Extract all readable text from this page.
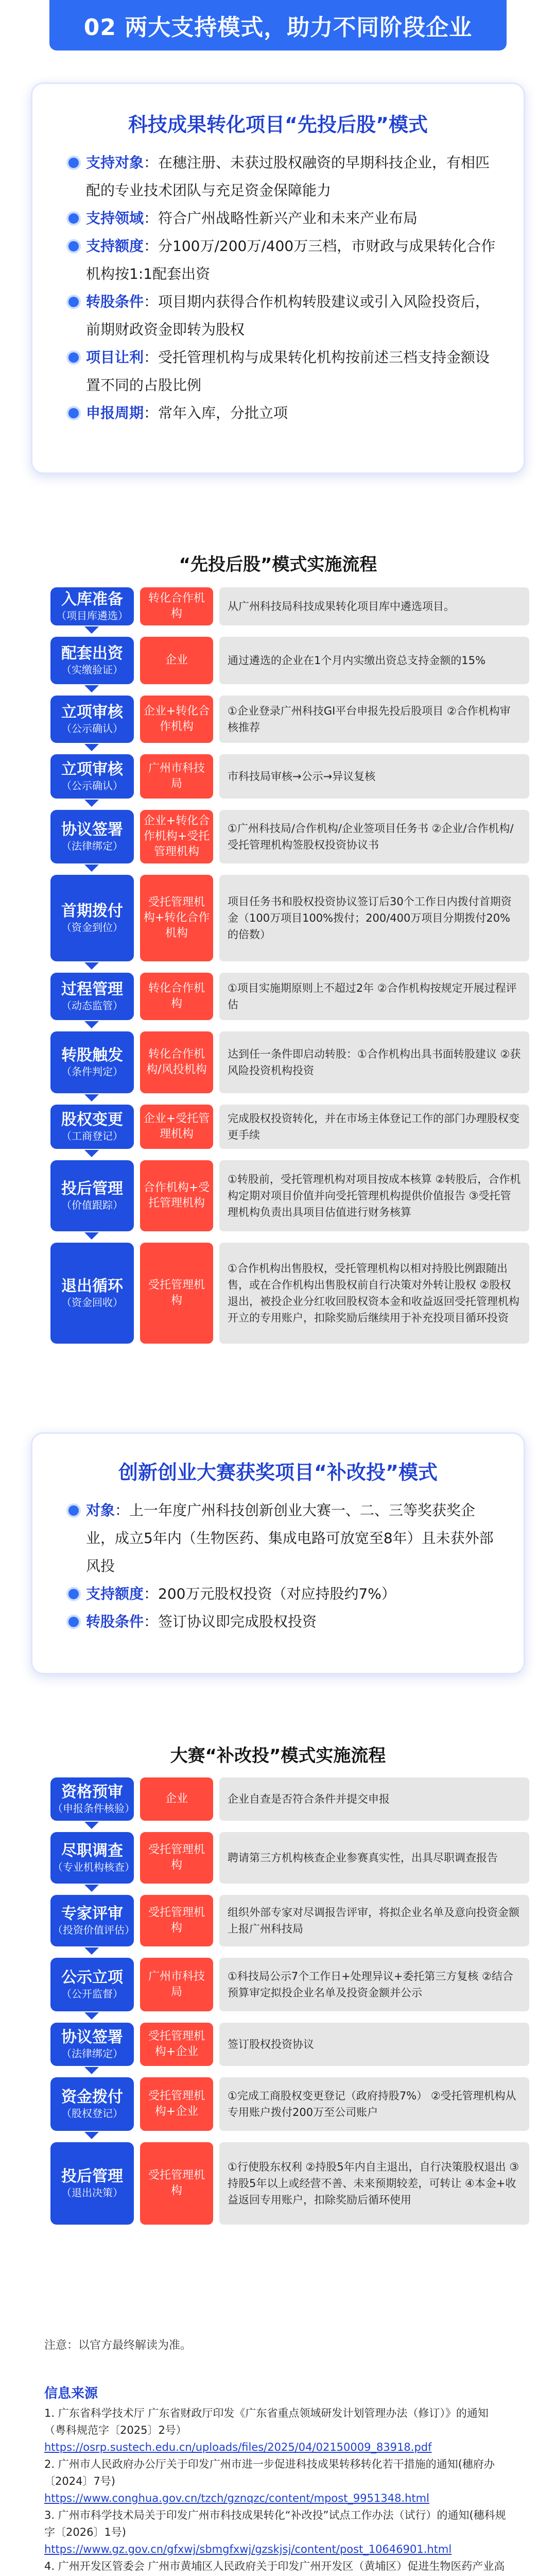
02 两大支持模式，助力不同阶段企业
科技成果转化项目“先投后股”模式
支持对象：在穗注册、未获过股权融资的早期科技企业，有相匹配的专业技术团队与充足资金保障能力
支持领域：符合广州战略性新兴产业和未来产业布局
支持额度：分100万/200万/400万三档，市财政与成果转化合作机构按1:1配套出资
转股条件：项目期内获得合作机构转股建议或引入风险投资后，前期财政资金即转为股权
项目让利：受托管理机构与成果转化机构按前述三档支持金额设置不同的占股比例
申报周期：常年入库，分批立项
“先投后股”模式实施流程
入库准备
（项目库遴选）
转化合作机构
从广州科技局科技成果转化项目库中遴选项目。
配套出资
（实缴验证）
企业	通过遴选的企业在1个月内实缴出资总支持金额的15%
立项审核
（公示确认）
企业+转化合作机构
①企业登录广州科技GI平台申报先投后股项目 ②合作机构审核推荐
立项审核
（公示确认）
广州市科技局
市科技局审核→公示→异议复核
协议签署
（法律绑定）
企业+转化合作机构+受托管理机构
①广州科技局/合作机构/企业签项目任务书 ②企业/合作机构/受托管理机构签股权投资协议书
首期拨付
（资金到位）
受托管理机构+转化合作机构
项目任务书和股权投资协议签订后30个工作日内拨付首期资金（100万项目100%拨付；200/400万项目分期拨付20%的倍数）
过程管理
（动态监管）
转化合作机构
①项目实施期原则上不超过2年 ②合作机构按规定开展过程评估
转股触发
（条件判定）
转化合作机构/风投机构
达到任一条件即启动转股：①合作机构出具书面转股建议 ②获风险投资机构投资
股权变更
（工商登记）
企业+受托管理机构
完成股权投资转化，并在市场主体登记工作的部门办理股权变更手续
投后管理
（价值跟踪）
合作机构+受托管理机构
①转股前，受托管理机构对项目按成本核算 ②转股后，合作机构定期对项目价值并向受托管理机构提供价值报告 ③受托管理机构负责出具项目估值进行财务核算
退出循环
（资金回收）
受托管理机构
①合作机构出售股权，受托管理机构以相对持股比例跟随出售，或在合作机构出售股权前自行决策对外转让股权 ②股权退出，被投企业分红收回股权资本金和收益返回受托管理机构开立的专用账户，扣除奖励后继续用于补充投项目循环投资
创新创业大赛获奖项目“补改投”模式
对象：上一年度广州科技创新创业大赛一、二、三等奖获奖企业，成立5年内（生物医药、集成电路可放宽至8年）且未获外部风投
支持额度：200万元股权投资（对应持股约7%）
转股条件：签订协议即完成股权投资
大赛“补改投”模式实施流程
资格预审
（申报条件核验）
企业	企业自查是否符合条件并提交申报
尽职调查
（专业机构核查）
受托管理机构
聘请第三方机构核查企业参赛真实性，出具尽职调查报告
专家评审
（投资价值评估）
受托管理机构
组织外部专家对尽调报告评审，将拟企业名单及意向投资金额上报广州科技局
公示立项
（公开监督）
广州市科技局
①科技局公示7个工作日+处理异议+委托第三方复核 ②结合预算审定拟投企业名单及投资金额并公示
协议签署
（法律绑定）
受托管理机构+企业
签订股权投资协议
资金拨付
（股权登记）
受托管理机构+企业
①完成工商股权变更登记（政府持股7%） ②受托管理机构从专用账户拨付200万至公司账户
投后管理
（退出决策）
受托管理机构
①行使股东权利 ②持股5年内自主退出，自行决策股权退出 ③持股5年以上或经营不善、未来预期较差，可转让 ④本金+收益返回专用账户，扣除奖励后循环使用
注意：以官方最终解读为准。
信息来源
1. 广东省科学技术厅 广东省财政厅印发《广东省重点领域研发计划管理办法（修订）》的通知（粤科规范字〔2025〕2号）
https://osrp.sustech.edu.cn/uploads/files/2025/04/02150009_83918.pdf
2. 广州市人民政府办公厅关于印发广州市进一步促进科技成果转移转化若干措施的通知(穗府办〔2024〕7号)
https://www.conghua.gov.cn/tzch/gznqzc/content/mpost_9951348.html
3. 广州市科学技术局关于印发广州市科技成果转化“补改投”试点工作办法（试行）的通知(穗科规字〔2026〕1号)
https://www.gz.gov.cn/gfxwj/sbmgfxwj/gzskjsj/content/post_10646901.html
4. 广州开发区管委会 广州市黄埔区人民政府关于印发广州开发区（黄埔区）促进生物医药产业高
